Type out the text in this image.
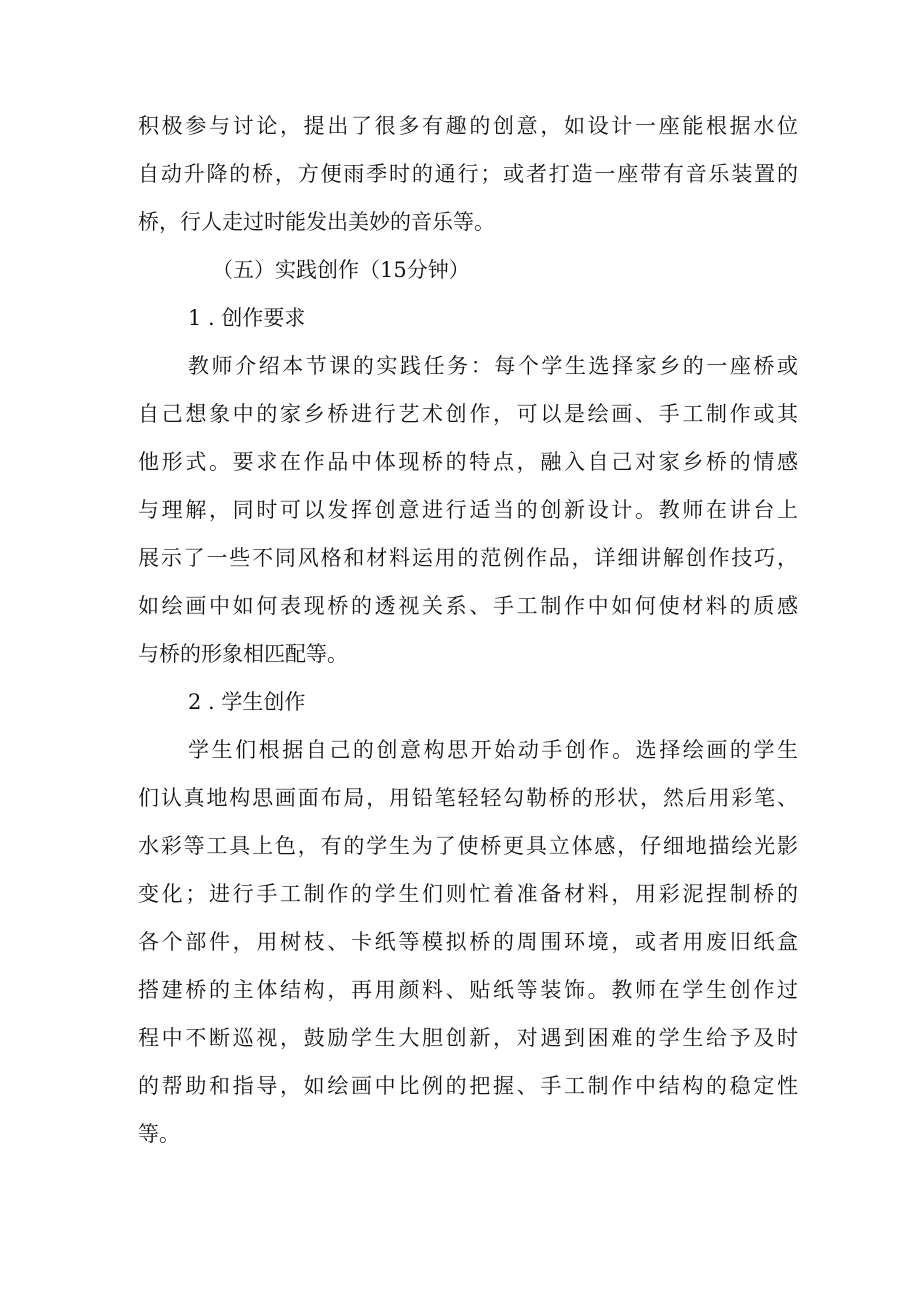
积极参与讨论，提出了很多有趣的创意，如设计一座能根据水位
自动升降的桥，方便雨季时的通行；或者打造一座带有音乐装置的
桥，行人走过时能发出美妙的音乐等。
（五）实践创作（15分钟）
1 . 创作要求
教师介绍本节课的实践任务：每个学生选择家乡的一座桥或
自己想象中的家乡桥进行艺术创作，可以是绘画、手工制作或其
他形式。要求在作品中体现桥的特点，融入自己对家乡桥的情感
与理解，同时可以发挥创意进行适当的创新设计。教师在讲台上
展示了一些不同风格和材料运用的范例作品，详细讲解创作技巧，
如绘画中如何表现桥的透视关系、手工制作中如何使材料的质感
与桥的形象相匹配等。
2 . 学生创作
学生们根据自己的创意构思开始动手创作。选择绘画的学生
们认真地构思画面布局，用铅笔轻轻勾勒桥的形状，然后用彩笔、
水彩等工具上色，有的学生为了使桥更具立体感，仔细地描绘光影
变化；进行手工制作的学生们则忙着准备材料，用彩泥捏制桥的
各个部件，用树枝、卡纸等模拟桥的周围环境，或者用废旧纸盒
搭建桥的主体结构，再用颜料、贴纸等装饰。教师在学生创作过
程中不断巡视，鼓励学生大胆创新，对遇到困难的学生给予及时
的帮助和指导，如绘画中比例的把握、手工制作中结构的稳定性
等。
